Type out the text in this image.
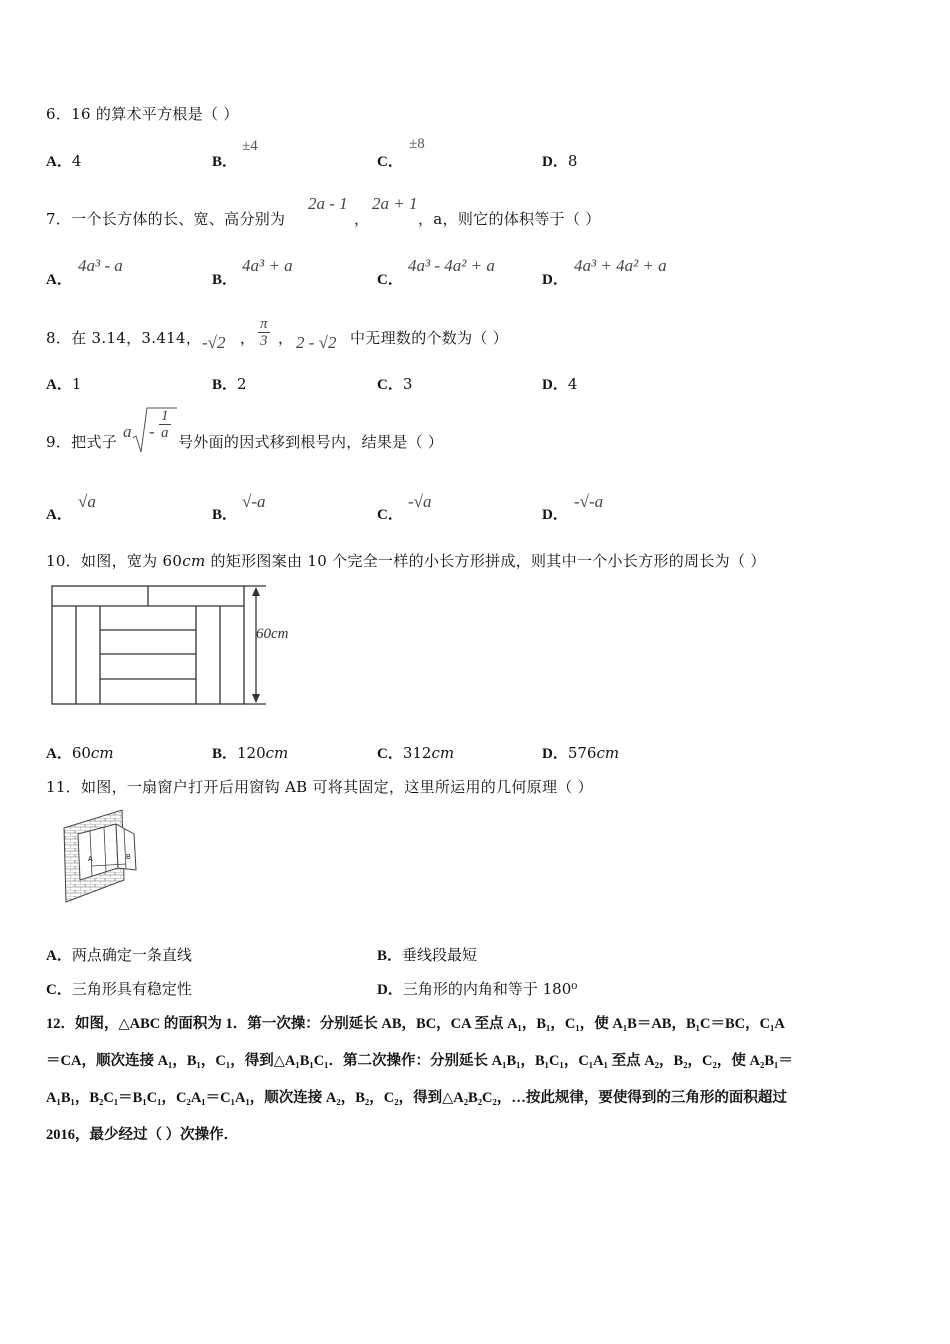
6．16 的算术平方根是（ ）
A．4	B．
±4
C．
±8
D．8
7．一个长方体的长、宽、高分别为
2a - 1
，
2a + 1
，a，则它的体积等于（ ）
A．
4a³ - a
B．
4a³ + a
C．
4a³ - 4a² + a
D．
4a³ + 4a² + a
8．在 3.14，3.414， -√2 ， $\frac{\pi}{3}$ ， 2 - √2 中无理数的个数为（ ）
A．1	B．2	C．3	D．4
9．把式子
a - $\frac{1}{a}$
号外面的因式移到根号内，结果是（ ）
A．
√a
B．
√-a
C．
-√a
D．
-√-a
10．如图，宽为 60𝑐𝑚 的矩形图案由 10 个完全一样的小长方形拼成，则其中一个小长方形的周长为（ ）
60cm
A．60𝑐𝑚	B．120𝑐𝑚	C．312𝑐𝑚	D．576𝑐𝑚
11．如图，一扇窗户打开后用窗钩 AB 可将其固定，这里所运用的几何原理（ ）
A	B
A．两点确定一条直线	B．垂线段最短
C．三角形具有稳定性	D．三角形的内角和等于 180⁰
12．如图，△ABC 的面积为 1．第一次操：分别延长 AB，BC，CA 至点 A₁，B₁，C₁，使 A₁B＝AB，B₁C＝BC，C₁A
＝CA，顺次连接 A₁，B₁，C₁，得到△A₁B₁C₁．第二次操作：分别延长 A₁B₁，B₁C₁，C₁A₁ 至点 A₂，B₂，C₂，使 A₂B₁＝
A₁B₁，B₂C₁＝B₁C₁，C₂A₁＝C₁A₁，顺次连接 A₂，B₂，C₂，得到△A₂B₂C₂，…按此规律，要使得到的三角形的面积超过
2016，最少经过（ ）次操作．
